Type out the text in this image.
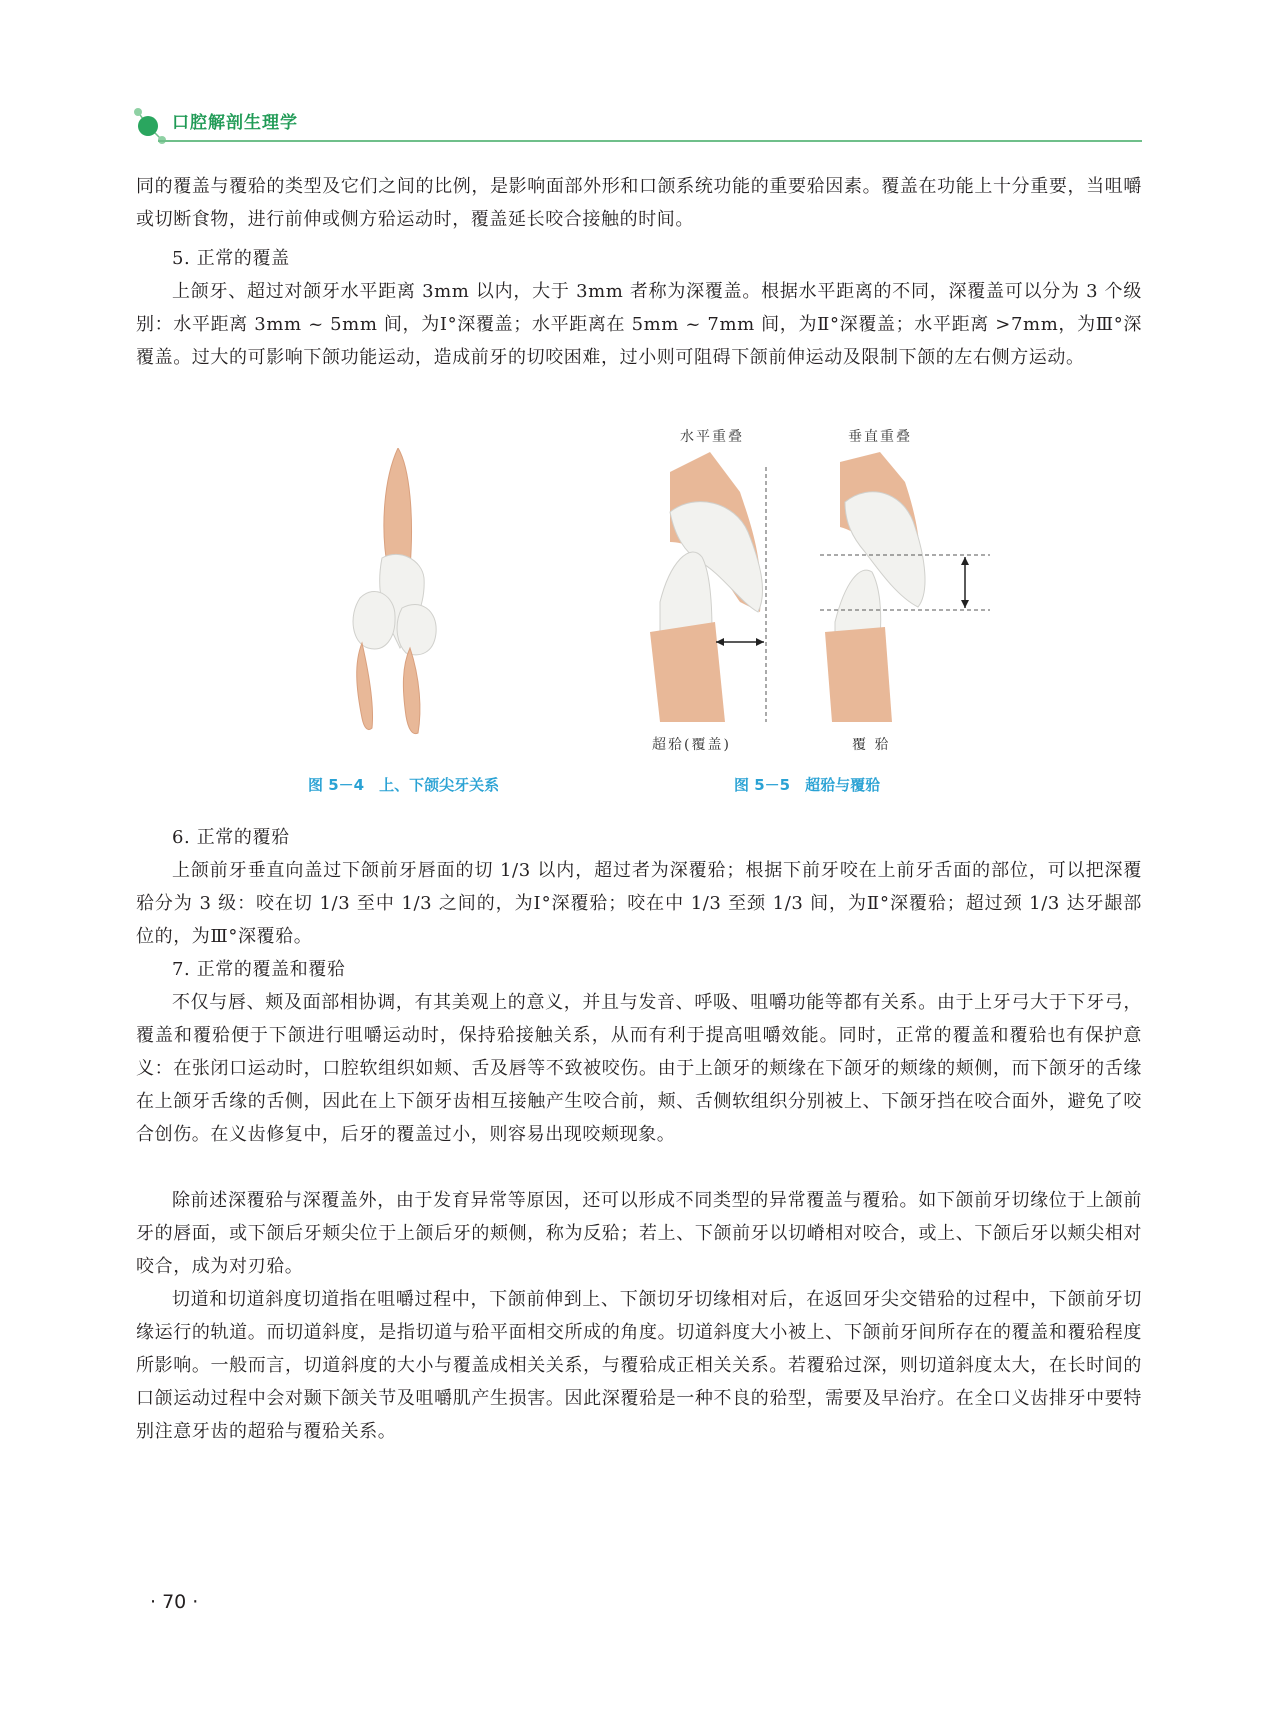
口腔解剖生理学

同的覆盖与覆𬌗的类型及它们之间的比例，是影响面部外形和口颌系统功能的重要𬌗因素。覆盖在功能上十分重要，当咀嚼或切断食物，进行前伸或侧方𬌗运动时，覆盖延长咬合接触的时间。

5. 正常的覆盖

上颌牙、超过对颌牙水平距离 3mm 以内，大于 3mm 者称为深覆盖。根据水平距离的不同，深覆盖可以分为 3 个级别：水平距离 3mm ~ 5mm 间，为Ⅰ°深覆盖；水平距离在 5mm ~ 7mm 间，为Ⅱ°深覆盖；水平距离 >7mm，为Ⅲ°深覆盖。过大的可影响下颌功能运动，造成前牙的切咬困难，过小则可阻碍下颌前伸运动及限制下颌的左右侧方运动。

图 5－4　上、下颌尖牙关系
水平重叠	垂直重叠
超𬌗(覆盖)	覆 𬌗
图 5－5　超𬌗与覆𬌗

6. 正常的覆𬌗

上颌前牙垂直向盖过下颌前牙唇面的切 1/3 以内，超过者为深覆𬌗；根据下前牙咬在上前牙舌面的部位，可以把深覆𬌗分为 3 级：咬在切 1/3 至中 1/3 之间的，为Ⅰ°深覆𬌗；咬在中 1/3 至颈 1/3 间，为Ⅱ°深覆𬌗；超过颈 1/3 达牙龈部位的，为Ⅲ°深覆𬌗。

7. 正常的覆盖和覆𬌗

不仅与唇、颊及面部相协调，有其美观上的意义，并且与发音、呼吸、咀嚼功能等都有关系。由于上牙弓大于下牙弓，覆盖和覆𬌗便于下颌进行咀嚼运动时，保持𬌗接触关系，从而有利于提高咀嚼效能。同时，正常的覆盖和覆𬌗也有保护意义：在张闭口运动时，口腔软组织如颊、舌及唇等不致被咬伤。由于上颌牙的颊缘在下颌牙的颊缘的颊侧，而下颌牙的舌缘在上颌牙舌缘的舌侧，因此在上下颌牙齿相互接触产生咬合前，颊、舌侧软组织分别被上、下颌牙挡在咬合面外，避免了咬合创伤。在义齿修复中，后牙的覆盖过小，则容易出现咬颊现象。

除前述深覆𬌗与深覆盖外，由于发育异常等原因，还可以形成不同类型的异常覆盖与覆𬌗。如下颌前牙切缘位于上颌前牙的唇面，或下颌后牙颊尖位于上颌后牙的颊侧，称为反𬌗；若上、下颌前牙以切嵴相对咬合，或上、下颌后牙以颊尖相对咬合，成为对刃𬌗。

切道和切道斜度切道指在咀嚼过程中，下颌前伸到上、下颌切牙切缘相对后，在返回牙尖交错𬌗的过程中，下颌前牙切缘运行的轨道。而切道斜度，是指切道与𬌗平面相交所成的角度。切道斜度大小被上、下颌前牙间所存在的覆盖和覆𬌗程度所影响。一般而言，切道斜度的大小与覆盖成相关关系，与覆𬌗成正相关关系。若覆𬌗过深，则切道斜度太大，在长时间的口颌运动过程中会对颞下颌关节及咀嚼肌产生损害。因此深覆𬌗是一种不良的𬌗型，需要及早治疗。在全口义齿排牙中要特别注意牙齿的超𬌗与覆𬌗关系。

· 70 ·
